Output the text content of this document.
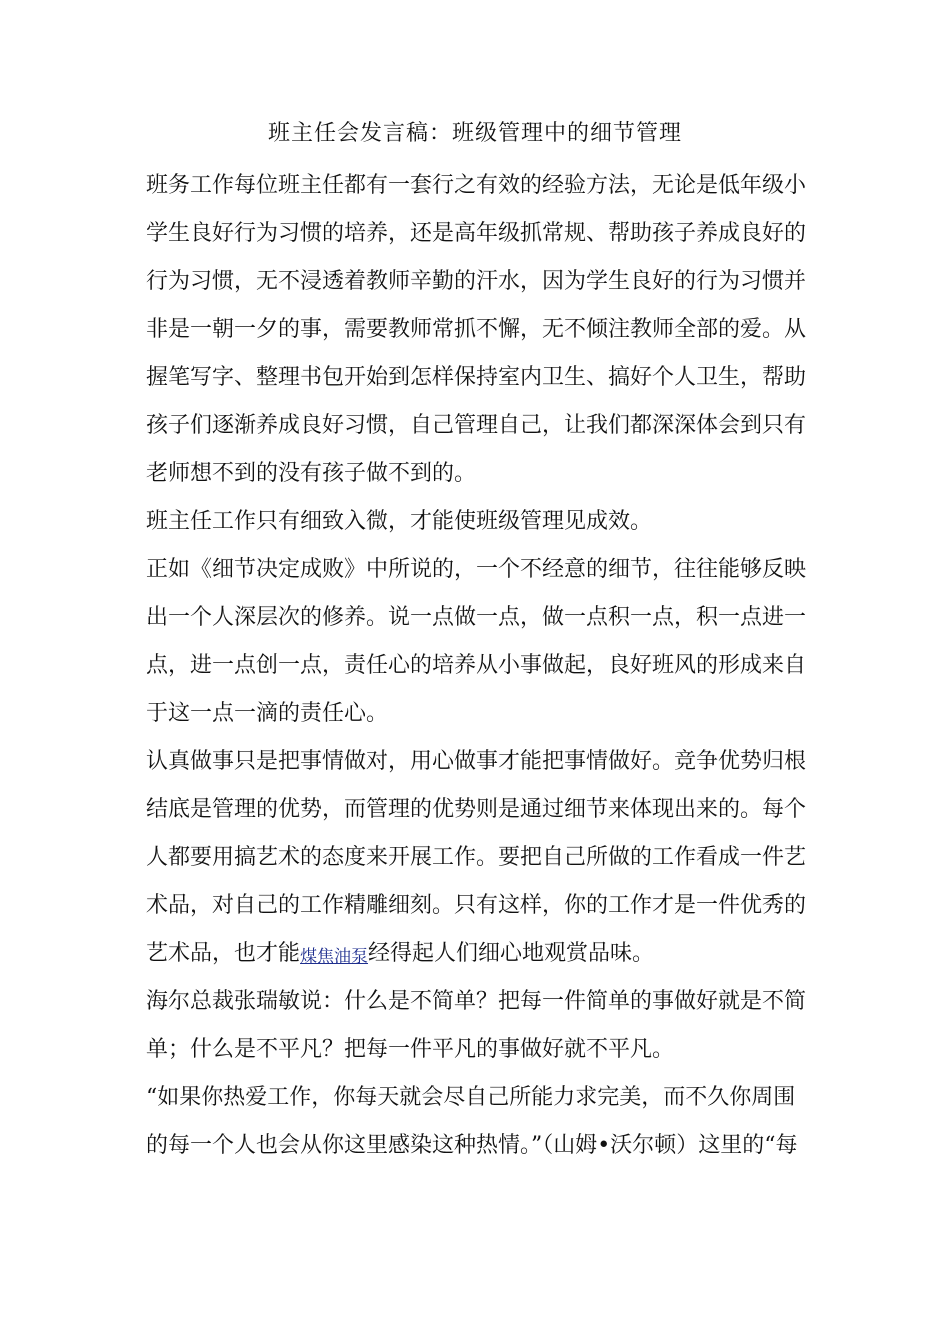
班主任会发言稿：班级管理中的细节管理
班务工作每位班主任都有一套行之有效的经验方法，无论是低年级小
学生良好行为习惯的培养，还是高年级抓常规、帮助孩子养成良好的
行为习惯，无不浸透着教师辛勤的汗水，因为学生良好的行为习惯并
非是一朝一夕的事，需要教师常抓不懈，无不倾注教师全部的爱。从
握笔写字、整理书包开始到怎样保持室内卫生、搞好个人卫生，帮助
孩子们逐渐养成良好习惯，自己管理自己，让我们都深深体会到只有
老师想不到的没有孩子做不到的。
班主任工作只有细致入微，才能使班级管理见成效。
正如《细节决定成败》中所说的，一个不经意的细节，往往能够反映
出一个人深层次的修养。说一点做一点，做一点积一点，积一点进一
点，进一点创一点，责任心的培养从小事做起，良好班风的形成来自
于这一点一滴的责任心。
认真做事只是把事情做对，用心做事才能把事情做好。竞争优势归根
结底是管理的优势，而管理的优势则是通过细节来体现出来的。每个
人都要用搞艺术的态度来开展工作。要把自己所做的工作看成一件艺
术品，对自己的工作精雕细刻。只有这样，你的工作才是一件优秀的
艺术品，也才能煤焦油泵经得起人们细心地观赏品味。
海尔总裁张瑞敏说：什么是不简单？把每一件简单的事做好就是不简
单；什么是不平凡？把每一件平凡的事做好就不平凡。
“如果你热爱工作，你每天就会尽自己所能力求完美，而不久你周围
的每一个人也会从你这里感染这种热情。”（山姆•沃尔顿）这里的“每
